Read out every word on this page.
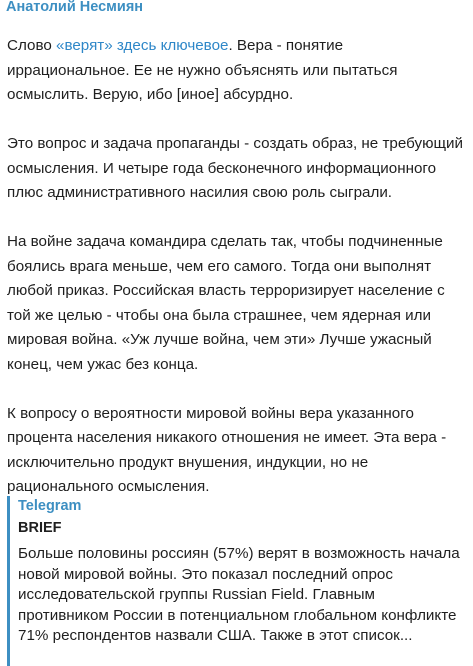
Анатолий Несмиян

Слово «верят» здесь ключевое. Вера - понятие иррациональное. Ее не нужно объяснять или пытаться осмыслить. Верую, ибо [иное] абсурдно.

Это вопрос и задача пропаганды - создать образ, не требующий осмысления. И четыре года бесконечного информационного плюс административного насилия свою роль сыграли.

На войне задача командира сделать так, чтобы подчиненные боялись врага меньше, чем его самого. Тогда они выполнят любой приказ. Российская власть терроризирует население с той же целью - чтобы она была страшнее, чем ядерная или мировая война. «Уж лучше война, чем эти» Лучше ужасный конец, чем ужас без конца.

К вопросу о вероятности мировой войны вера указанного процента населения никакого отношения не имеет. Эта вера - исключительно продукт внушения, индукции, но не рационального осмысления.

Telegram
BRIEF
Больше половины россиян (57%) верят в возможность начала новой мировой войны. Это показал последний опрос исследовательской группы Russian Field. Главным противником России в потенциальном глобальном конфликте 71% респондентов назвали США. Также в этот список...
